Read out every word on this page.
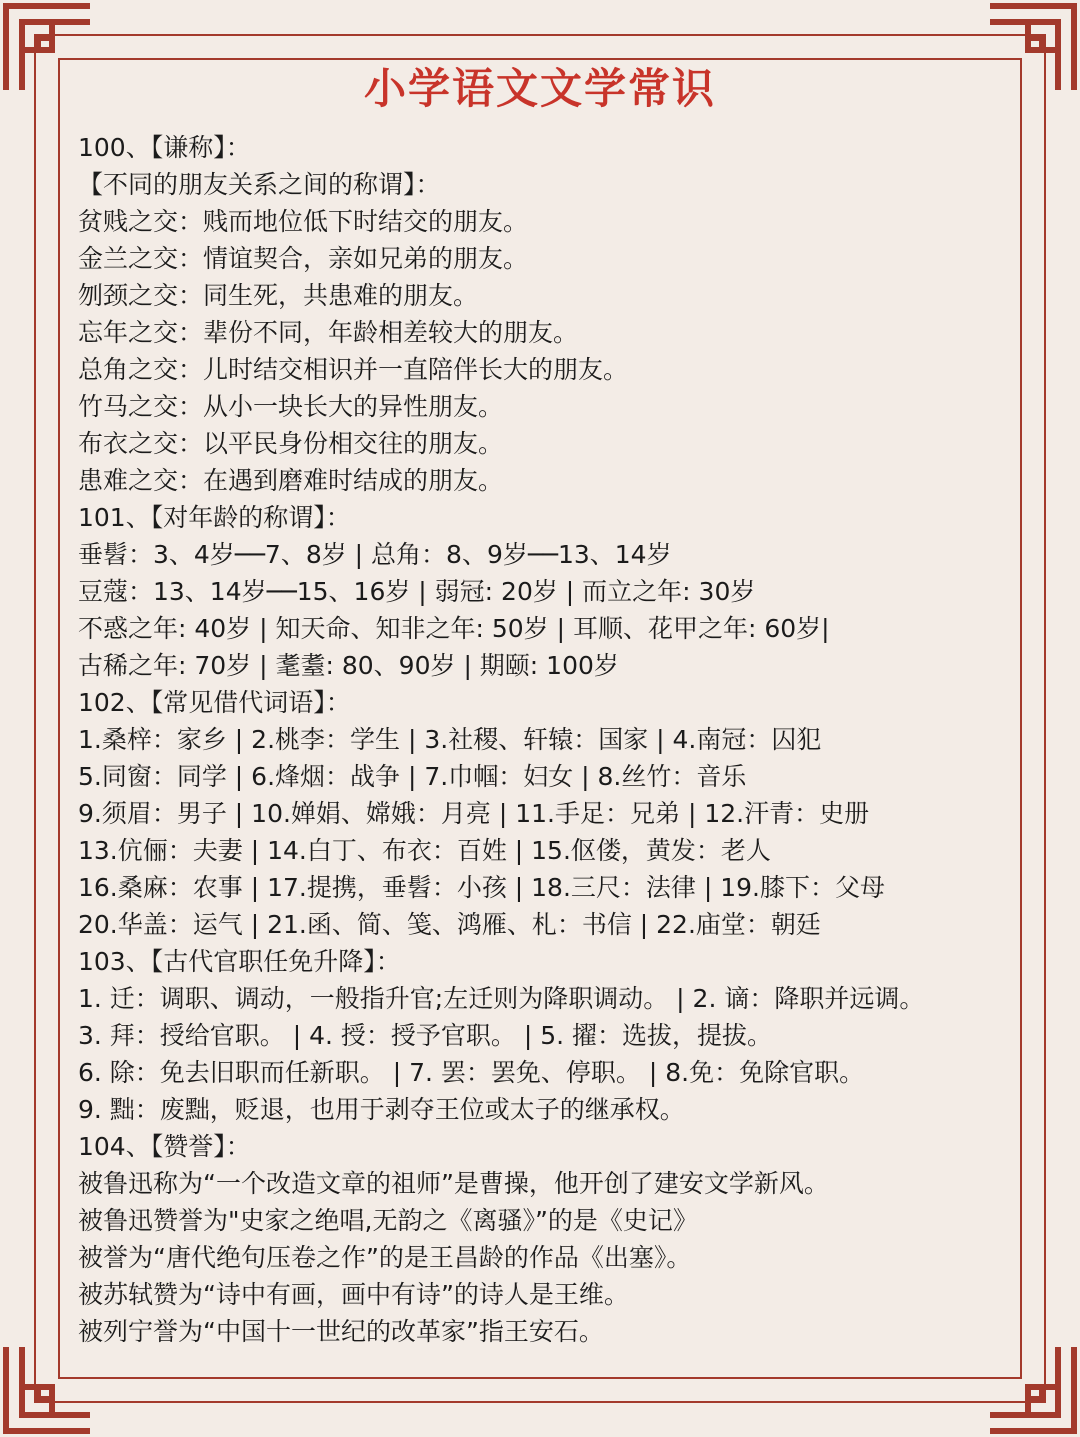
小学语文文学常识
100、【谦称】：
【不同的朋友关系之间的称谓】：
贫贱之交：贱而地位低下时结交的朋友。
金兰之交：情谊契合，亲如兄弟的朋友。
刎颈之交：同生死，共患难的朋友。
忘年之交：辈份不同，年龄相差较大的朋友。
总角之交：儿时结交相识并一直陪伴长大的朋友。
竹马之交：从小一块长大的异性朋友。
布衣之交：以平民身份相交往的朋友。
患难之交：在遇到磨难时结成的朋友。
101、【对年龄的称谓】：
垂髫：3、4岁──7、8岁 | 总角：8、9岁──13、14岁
豆蔻：13、14岁──15、16岁 | 弱冠: 20岁 | 而立之年: 30岁
不惑之年: 40岁 | 知天命、知非之年: 50岁 | 耳顺、花甲之年: 60岁|
古稀之年: 70岁 | 耄耋: 80、90岁 | 期颐: 100岁
102、【常见借代词语】：
1.桑梓：家乡 | 2.桃李：学生 | 3.社稷、轩辕：国家 | 4.南冠：囚犯
5.同窗：同学 | 6.烽烟：战争 | 7.巾帼：妇女 | 8.丝竹：音乐
9.须眉：男子 | 10.婵娟、嫦娥：月亮 | 11.手足：兄弟 | 12.汗青：史册
13.伉俪：夫妻 | 14.白丁、布衣：百姓 | 15.伛偻，黄发：老人
16.桑麻：农事 | 17.提携，垂髫：小孩 | 18.三尺：法律 | 19.膝下：父母
20.华盖：运气 | 21.函、简、笺、鸿雁、札：书信 | 22.庙堂：朝廷
103、【古代官职任免升降】：
1. 迁：调职、调动，一般指升官;左迁则为降职调动。 | 2. 谪：降职并远调。
3. 拜：授给官职。 | 4. 授：授予官职。 | 5. 擢：选拔，提拔。
6. 除：免去旧职而任新职。 | 7. 罢：罢免、停职。 | 8.免：免除官职。
9. 黜：废黜，贬退，也用于剥夺王位或太子的继承权。
104、【赞誉】：
被鲁迅称为“一个改造文章的祖师”是曹操，他开创了建安文学新风。
被鲁迅赞誉为"史家之绝唱,无韵之《离骚》”的是《史记》
被誉为“唐代绝句压卷之作”的是王昌龄的作品《出塞》。
被苏轼赞为“诗中有画，画中有诗”的诗人是王维。
被列宁誉为“中国十一世纪的改革家”指王安石。
